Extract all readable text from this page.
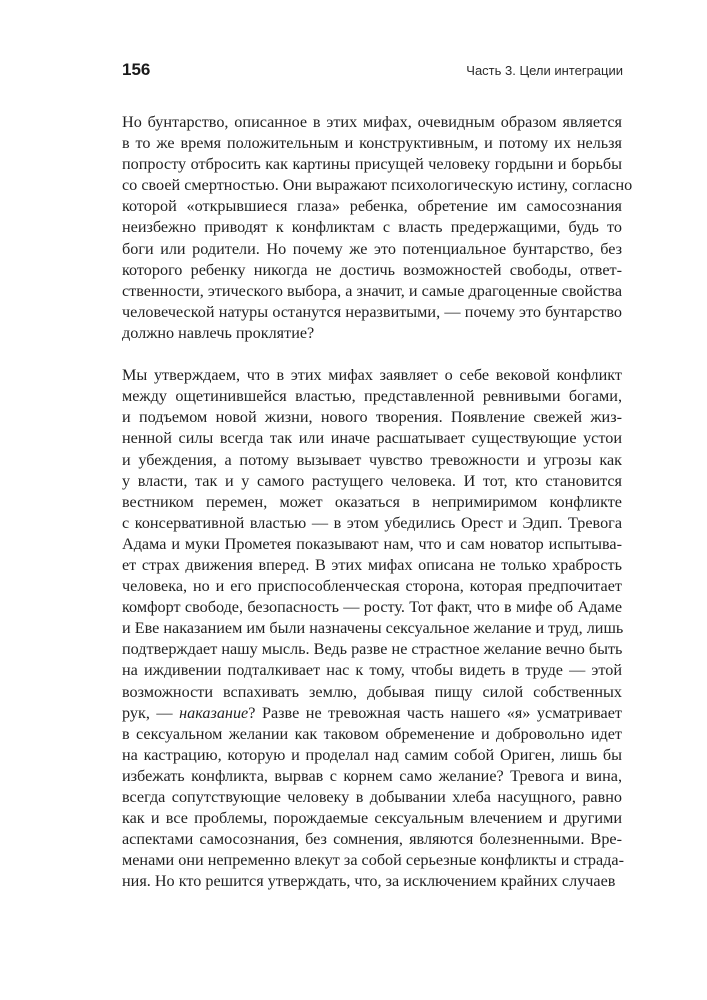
156	Часть 3. Цели интеграции
Но бунтарство, описанное в этих мифах, очевидным образом является
в то же время положительным и конструктивным, и потому их нельзя
попросту отбросить как картины присущей человеку гордыни и борьбы
со своей смертностью. Они выражают психологическую истину, согласно
которой «открывшиеся глаза» ребенка, обретение им самосознания
неизбежно приводят к конфликтам с власть предержащими, будь то
боги или родители. Но почему же это потенциальное бунтарство, без
которого ребенку никогда не достичь возможностей свободы, ответ-
ственности, этического выбора, а значит, и самые драгоценные свойства
человеческой натуры останутся неразвитыми, — почему это бунтарство
должно навлечь проклятие?
Мы утверждаем, что в этих мифах заявляет о себе вековой конфликт
между ощетинившейся властью, представленной ревнивыми богами,
и подъемом новой жизни, нового творения. Появление свежей жиз-
ненной силы всегда так или иначе расшатывает существующие устои
и убеждения, а потому вызывает чувство тревожности и угрозы как
у власти, так и у самого растущего человека. И тот, кто становится
вестником перемен, может оказаться в непримиримом конфликте
с консервативной властью — в этом убедились Орест и Эдип. Тревога
Адама и муки Прометея показывают нам, что и сам новатор испытыва-
ет страх движения вперед. В этих мифах описана не только храбрость
человека, но и его приспособленческая сторона, которая предпочитает
комфорт свободе, безопасность — росту. Тот факт, что в мифе об Адаме
и Еве наказанием им были назначены сексуальное желание и труд, лишь
подтверждает нашу мысль. Ведь разве не страстное желание вечно быть
на иждивении подталкивает нас к тому, чтобы видеть в труде — этой
возможности вспахивать землю, добывая пищу силой собственных
рук, — наказание? Разве не тревожная часть нашего «я» усматривает
в сексуальном желании как таковом обременение и добровольно идет
на кастрацию, которую и проделал над самим собой Ориген, лишь бы
избежать конфликта, вырвав с корнем само желание? Тревога и вина,
всегда сопутствующие человеку в добывании хлеба насущного, равно
как и все проблемы, порождаемые сексуальным влечением и другими
аспектами самосознания, без сомнения, являются болезненными. Вре-
менами они непременно влекут за собой серьезные конфликты и страда-
ния. Но кто решится утверждать, что, за исключением крайних случаев
